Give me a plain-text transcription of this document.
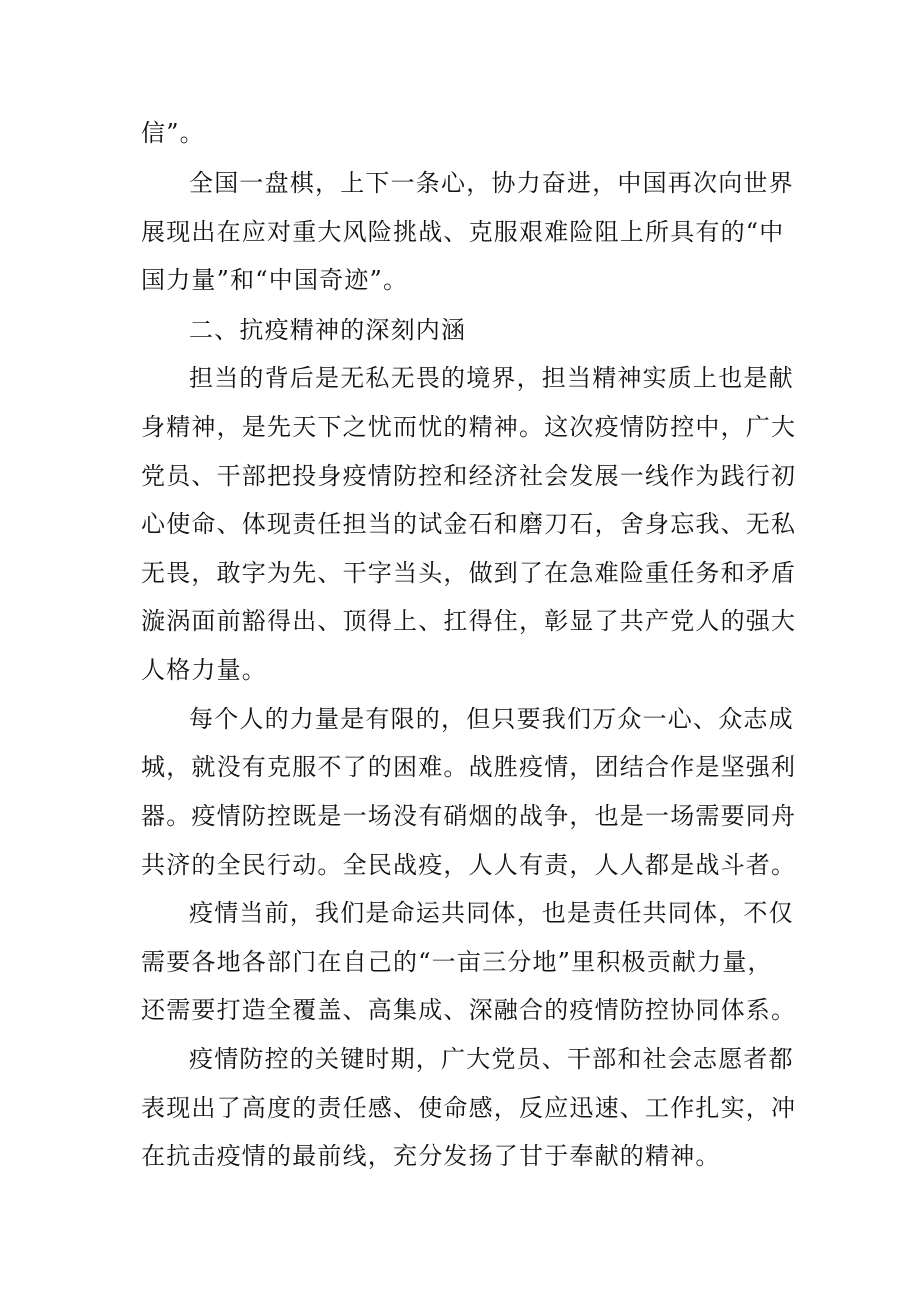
信”。
全国一盘棋，上下一条心，协力奋进，中国再次向世界
展现出在应对重大风险挑战、克服艰难险阻上所具有的“中
国力量”和“中国奇迹”。
二、抗疫精神的深刻内涵
担当的背后是无私无畏的境界，担当精神实质上也是献
身精神，是先天下之忧而忧的精神。这次疫情防控中，广大
党员、干部把投身疫情防控和经济社会发展一线作为践行初
心使命、体现责任担当的试金石和磨刀石，舍身忘我、无私
无畏，敢字为先、干字当头，做到了在急难险重任务和矛盾
漩涡面前豁得出、顶得上、扛得住，彰显了共产党人的强大
人格力量。
每个人的力量是有限的，但只要我们万众一心、众志成
城，就没有克服不了的困难。战胜疫情，团结合作是坚强利
器。疫情防控既是一场没有硝烟的战争，也是一场需要同舟
共济的全民行动。全民战疫，人人有责，人人都是战斗者。
疫情当前，我们是命运共同体，也是责任共同体，不仅
需要各地各部门在自己的“一亩三分地”里积极贡献力量，
还需要打造全覆盖、高集成、深融合的疫情防控协同体系。
疫情防控的关键时期，广大党员、干部和社会志愿者都
表现出了高度的责任感、使命感，反应迅速、工作扎实，冲
在抗击疫情的最前线，充分发扬了甘于奉献的精神。
